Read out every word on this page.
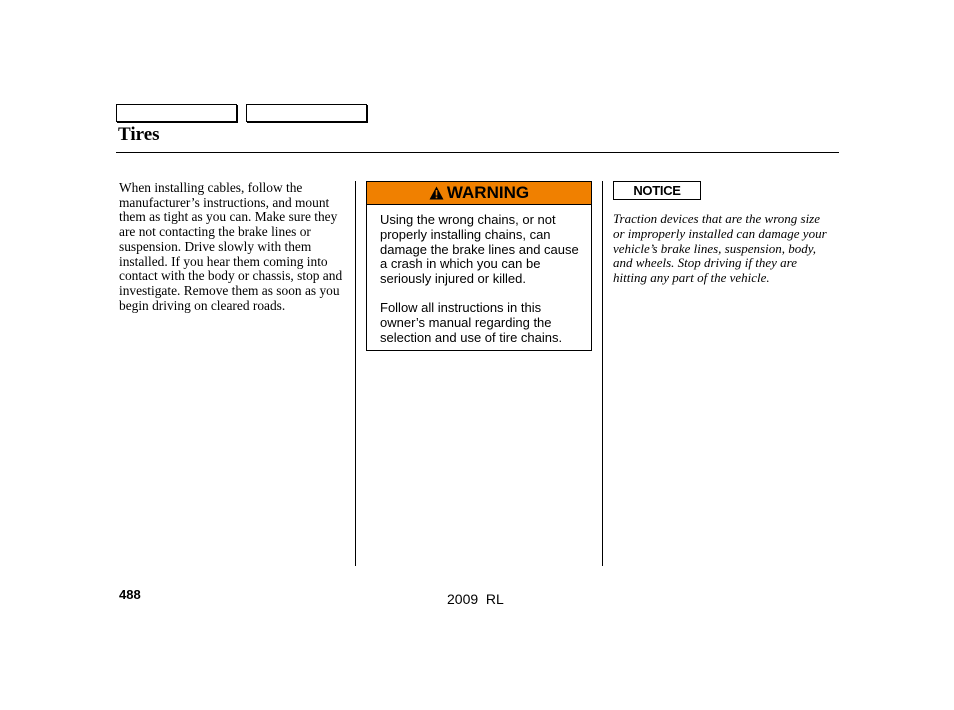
Tires

When installing cables, follow the manufacturer’s instructions, and mount them as tight as you can. Make sure they are not contacting the brake lines or suspension. Drive slowly with them installed. If you hear them coming into contact with the body or chassis, stop and investigate. Remove them as soon as you begin driving on cleared roads.

WARNING

Using the wrong chains, or not properly installing chains, can damage the brake lines and cause a crash in which you can be seriously injured or killed.

Follow all instructions in this owner’s manual regarding the selection and use of tire chains.

NOTICE

Traction devices that are the wrong size or improperly installed can damage your vehicle’s brake lines, suspension, body, and wheels. Stop driving if they are hitting any part of the vehicle.

488	2009  RL
